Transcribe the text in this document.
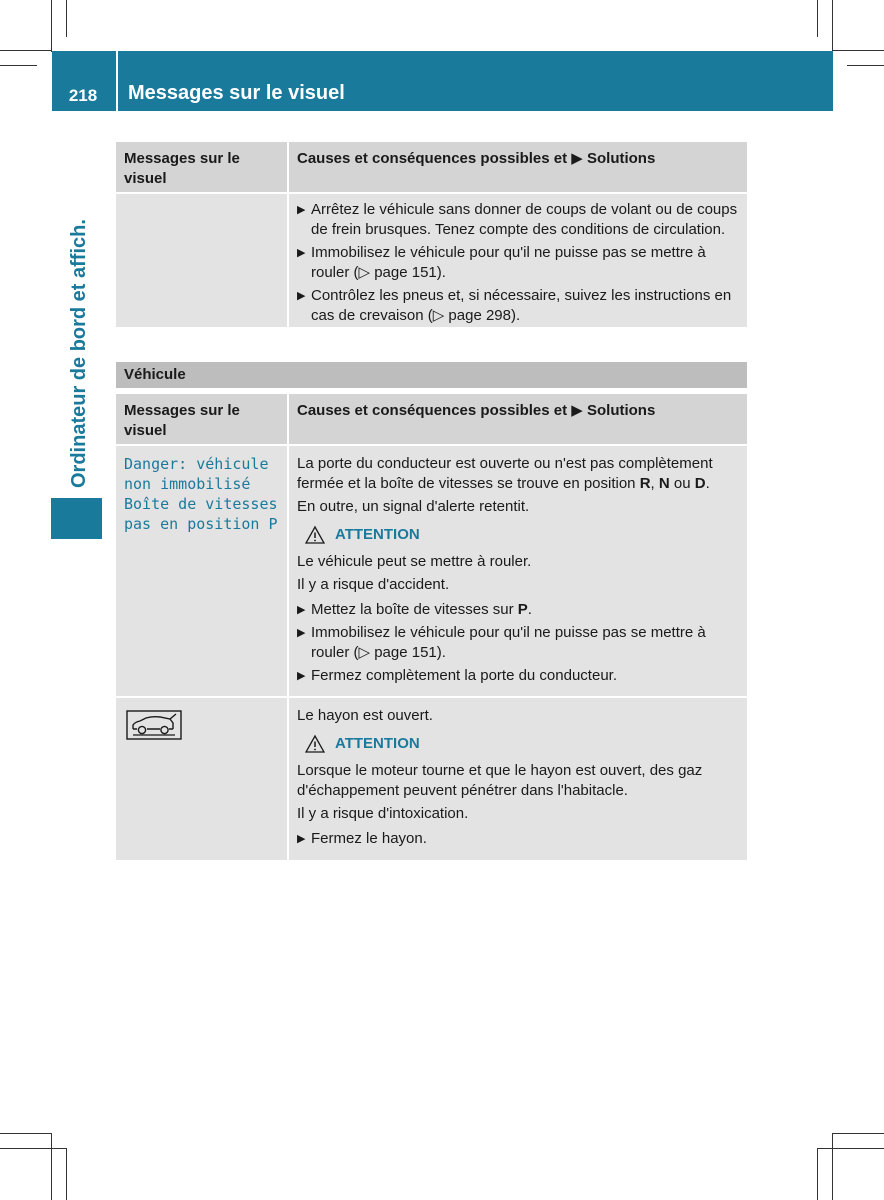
218	Messages sur le visuel
Ordinateur de bord et affich.
Messages sur le visuel
Causes et conséquences possibles et ▶ Solutions
▶ Arrêtez le véhicule sans donner de coups de volant ou de coups de frein brusques. Tenez compte des conditions de circulation.
▶ Immobilisez le véhicule pour qu'il ne puisse pas se mettre à rouler (▷ page 151).
▶ Contrôlez les pneus et, si nécessaire, suivez les instructions en cas de crevaison (▷ page 298).
Véhicule
Messages sur le visuel
Causes et conséquences possibles et ▶ Solutions
Danger: véhicule
non immobilisé
Boîte de vitesses
pas en position P
La porte du conducteur est ouverte ou n'est pas complètement fermée et la boîte de vitesses se trouve en position R, N ou D.
En outre, un signal d'alerte retentit.
ATTENTION
Le véhicule peut se mettre à rouler.
Il y a risque d'accident.
▶ Mettez la boîte de vitesses sur P.
▶ Immobilisez le véhicule pour qu'il ne puisse pas se mettre à rouler (▷ page 151).
▶ Fermez complètement la porte du conducteur.
Le hayon est ouvert.
ATTENTION
Lorsque le moteur tourne et que le hayon est ouvert, des gaz d'échappement peuvent pénétrer dans l'habitacle.
Il y a risque d'intoxication.
▶ Fermez le hayon.
